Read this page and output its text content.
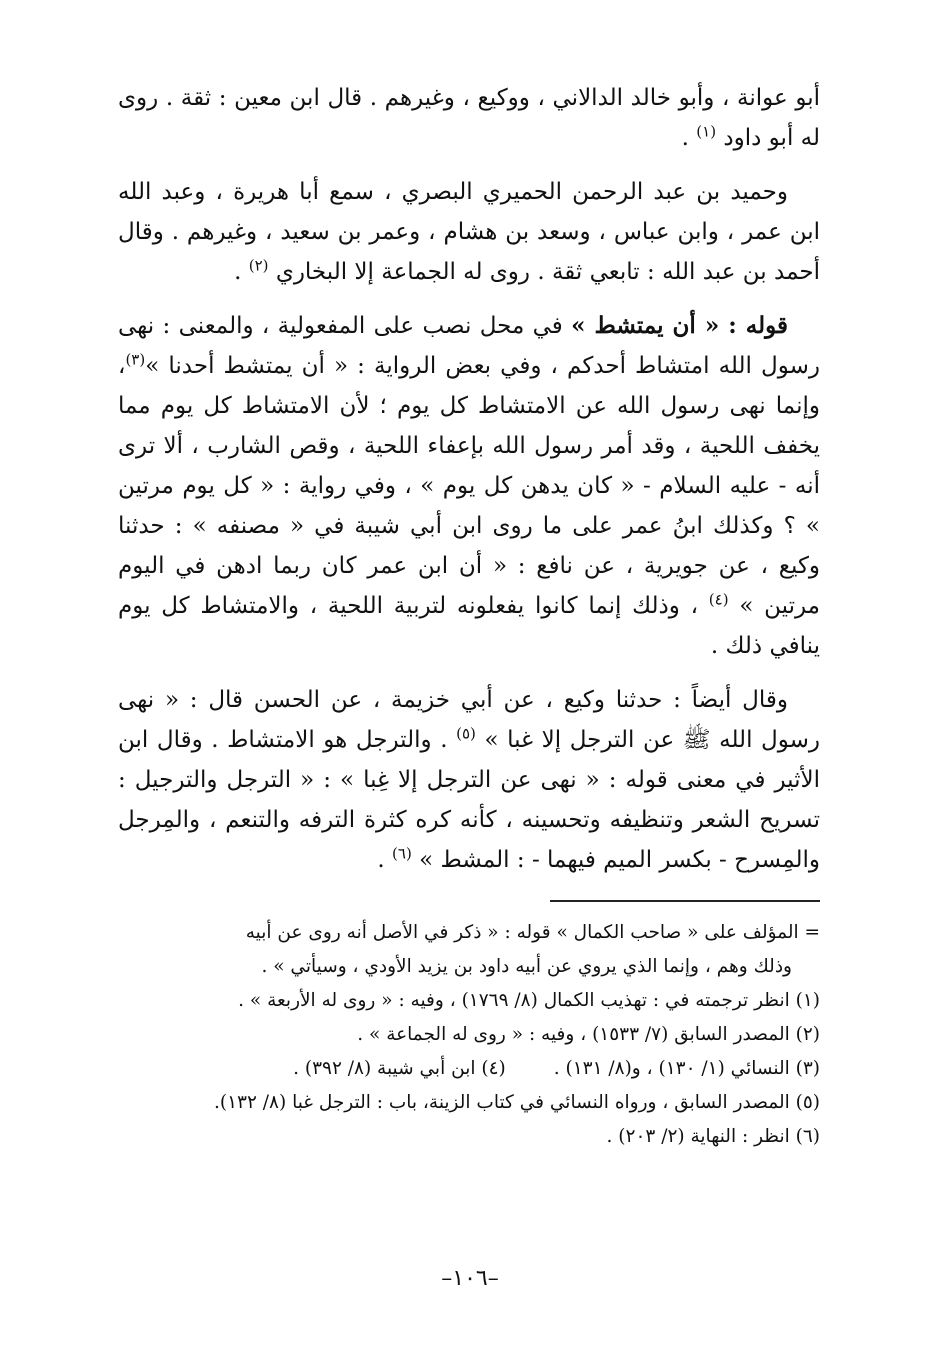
أبو عوانة ، وأبو خالد الدالاني ، ووكيع ، وغيرهم . قال ابن معين : ثقة . روى له أبو داود $^{(١)}$ .

وحميد بن عبد الرحمن الحميري البصري ، سمع أبا هريرة ، وعبد الله ابن عمر ، وابن عباس ، وسعد بن هشام ، وعمر بن سعيد ، وغيرهم . وقال أحمد بن عبد الله : تابعي ثقة . روى له الجماعة إلا البخاري $^{(٢)}$ .

قوله : « أن يمتشط » في محل نصب على المفعولية ، والمعنى : نهى رسول الله امتشاط أحدكم ، وفي بعض الرواية : « أن يمتشط أحدنا »$^{(٣)}$، وإنما نهى رسول الله عن الامتشاط كل يوم ؛ لأن الامتشاط كل يوم مما يخفف اللحية ، وقد أمر رسول الله بإعفاء اللحية ، وقص الشارب ، ألا ترى أنه - عليه السلام - « كان يدهن كل يوم » ، وفي رواية : « كل يوم مرتين » ؟ وكذلك ابنُ عمر على ما روى ابن أبي شيبة في « مصنفه » : حدثنا وكيع ، عن جويرية ، عن نافع : « أن ابن عمر كان ربما ادهن في اليوم مرتين » $^{(٤)}$ ، وذلك إنما كانوا يفعلونه لتربية اللحية ، والامتشاط كل يوم ينافي ذلك .

وقال أيضاً : حدثنا وكيع ، عن أبي خزيمة ، عن الحسن قال : « نهى رسول الله ﷺ عن الترجل إلا غبا » $^{(٥)}$ . والترجل هو الامتشاط . وقال ابن الأثير في معنى قوله : « نهى عن الترجل إلا غِبا » : « الترجل والترجيل : تسريح الشعر وتنظيفه وتحسينه ، كأنه كره كثرة الترفه والتنعم ، والمِرجل والمِسرح - بكسر الميم فيهما - : المشط » $^{(٦)}$ .

= المؤلف على « صاحب الكمال » قوله : « ذكر في الأصل أنه روى عن أبيه

وذلك وهم ، وإنما الذي يروي عن أبيه داود بن يزيد الأودي ، وسيأتي » .

(١) انظر ترجمته في : تهذيب الكمال (٨/ ١٧٦٩) ، وفيه : « روى له الأربعة » .

(٢) المصدر السابق (٧/ ١٥٣٣) ، وفيه : « روى له الجماعة » .

(٣) النسائي (١/ ١٣٠) ، و(٨/ ١٣١) .(٤) ابن أبي شيبة (٨/ ٣٩٢) .

(٥) المصدر السابق ، ورواه النسائي في كتاب الزينة، باب : الترجل غبا (٨/ ١٣٢).

(٦) انظر : النهاية (٢/ ٢٠٣) .

–١٠٦–
